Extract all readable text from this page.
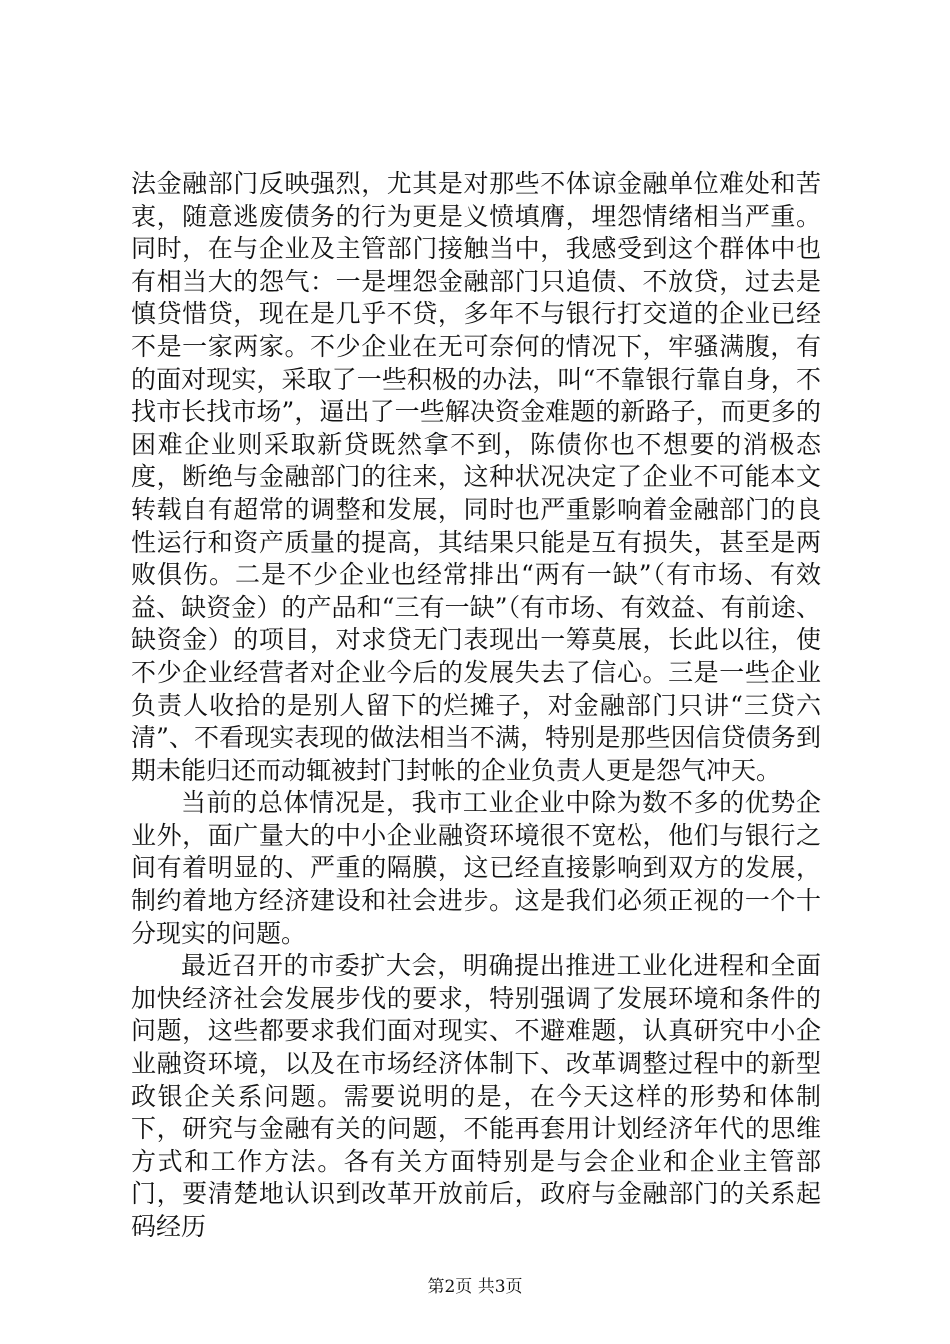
法金融部门反映强烈，尤其是对那些不体谅金融单位难处和苦衷，随意逃废债务的行为更是义愤填膺，埋怨情绪相当严重。同时，在与企业及主管部门接触当中，我感受到这个群体中也有相当大的怨气：一是埋怨金融部门只追债、不放贷，过去是慎贷惜贷，现在是几乎不贷，多年不与银行打交道的企业已经不是一家两家。不少企业在无可奈何的情况下，牢骚满腹，有的面对现实，采取了一些积极的办法，叫“不靠银行靠自身，不找市长找市场”，逼出了一些解决资金难题的新路子，而更多的困难企业则采取新贷既然拿不到，陈债你也不想要的消极态度，断绝与金融部门的往来，这种状况决定了企业不可能本文转载自有超常的调整和发展，同时也严重影响着金融部门的良性运行和资产质量的提高，其结果只能是互有损失，甚至是两败俱伤。二是不少企业也经常排出“两有一缺”（有市场、有效益、缺资金）的产品和“三有一缺”（有市场、有效益、有前途、缺资金）的项目，对求贷无门表现出一筹莫展，长此以往，使不少企业经营者对企业今后的发展失去了信心。三是一些企业负责人收拾的是别人留下的烂摊子，对金融部门只讲“三贷六清”、不看现实表现的做法相当不满，特别是那些因信贷债务到期未能归还而动辄被封门封帐的企业负责人更是怨气冲天。

当前的总体情况是，我市工业企业中除为数不多的优势企业外，面广量大的中小企业融资环境很不宽松，他们与银行之间有着明显的、严重的隔膜，这已经直接影响到双方的发展，制约着地方经济建设和社会进步。这是我们必须正视的一个十分现实的问题。

最近召开的市委扩大会，明确提出推进工业化进程和全面加快经济社会发展步伐的要求，特别强调了发展环境和条件的问题，这些都要求我们面对现实、不避难题，认真研究中小企业融资环境，以及在市场经济体制下、改革调整过程中的新型政银企关系问题。需要说明的是，在今天这样的形势和体制下，研究与金融有关的问题，不能再套用计划经济年代的思维方式和工作方法。各有关方面特别是与会企业和企业主管部门，要清楚地认识到改革开放前后，政府与金融部门的关系起码经历

第2页 共3页
